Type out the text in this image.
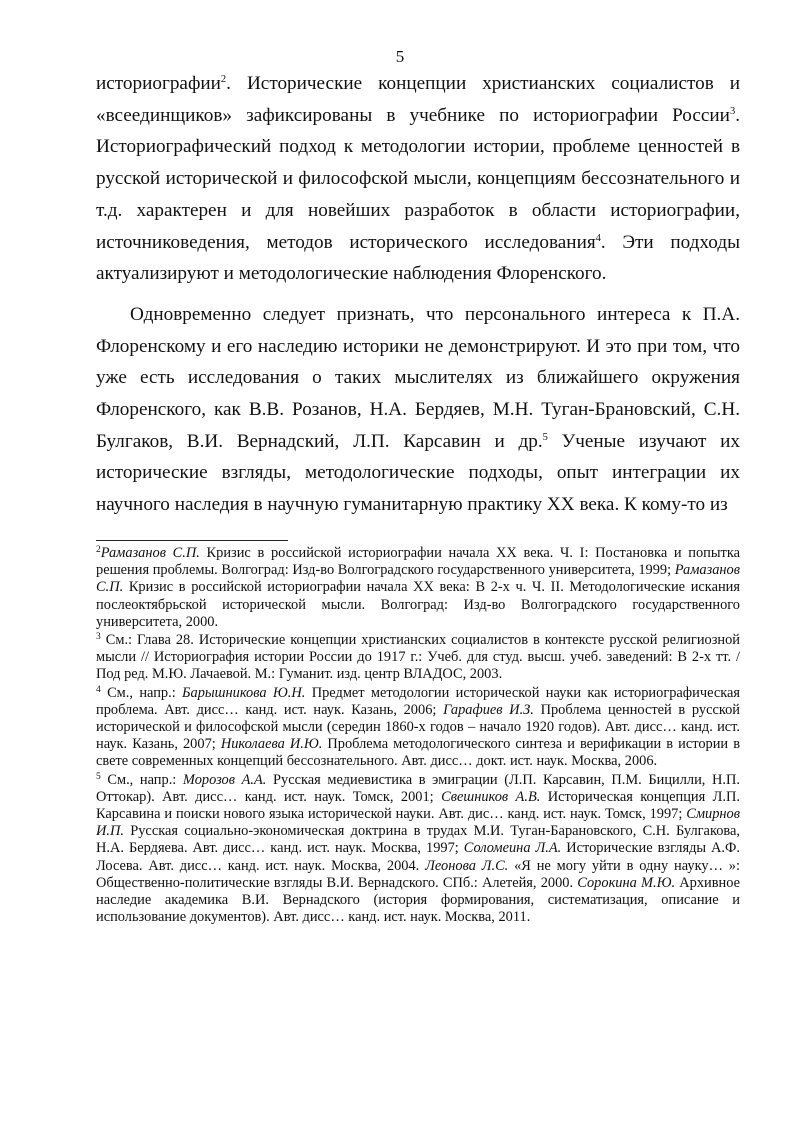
5

историографии$^2$. Исторические концепции христианских социалистов и «всеединщиков» зафиксированы в учебнике по историографии России$^3$. Историографический подход к методологии истории, проблеме ценностей в русской исторической и философской мысли, концепциям бессознательного и т.д. характерен и для новейших разработок в области историографии, источниковедения, методов исторического исследования$^4$. Эти подходы актуализируют и методологические наблюдения Флоренского.

Одновременно следует признать, что персонального интереса к П.А. Флоренскому и его наследию историки не демонстрируют. И это при том, что уже есть исследования о таких мыслителях из ближайшего окружения Флоренского, как В.В. Розанов, Н.А. Бердяев, М.Н. Туган-Брановский, С.Н. Булгаков, В.И. Вернадский, Л.П. Карсавин и др.$^5$ Ученые изучают их исторические взгляды, методологические подходы, опыт интеграции их научного наследия в научную гуманитарную практику XX века. К кому-то из

$^2$Рамазанов С.П. Кризис в российской историографии начала XX века. Ч. I: Постановка и попытка решения проблемы. Волгоград: Изд-во Волгоградского государственного университета, 1999; Рамазанов С.П. Кризис в российской историографии начала XX века: В 2-х ч. Ч. II. Методологические искания послеоктябрьской исторической мысли. Волгоград: Изд-во Волгоградского государственного университета, 2000.

$^3$ См.: Глава 28. Исторические концепции христианских социалистов в контексте русской религиозной мысли // Историография истории России до 1917 г.: Учеб. для студ. высш. учеб. заведений: В 2-х тт. / Под ред. М.Ю. Лачаевой. М.: Гуманит. изд. центр ВЛАДОС, 2003.

$^4$ См., напр.: Барышникова Ю.Н. Предмет методологии исторической науки как историографическая проблема. Авт. дисс… канд. ист. наук. Казань, 2006; Гарафиев И.З. Проблема ценностей в русской исторической и философской мысли (середин 1860-х годов – начало 1920 годов). Авт. дисс… канд. ист. наук. Казань, 2007; Николаева И.Ю. Проблема методологического синтеза и верификации в истории в свете современных концепций бессознательного. Авт. дисс… докт. ист. наук. Москва, 2006.

$^5$ См., напр.: Морозов А.А. Русская медиевистика в эмиграции (Л.П. Карсавин, П.М. Бицилли, Н.П. Оттокар). Авт. дисс… канд. ист. наук. Томск, 2001; Свешников А.В. Историческая концепция Л.П. Карсавина и поиски нового языка исторической науки. Авт. дис… канд. ист. наук. Томск, 1997; Смирнов И.П. Русская социально-экономическая доктрина в трудах М.И. Туган-Барановского, С.Н. Булгакова, Н.А. Бердяева. Авт. дисс… канд. ист. наук. Москва, 1997; Соломеина Л.А. Исторические взгляды А.Ф. Лосева. Авт. дисс… канд. ист. наук. Москва, 2004. Леонова Л.С. «Я не могу уйти в одну науку… »: Общественно-политические взгляды В.И. Вернадского. СПб.: Алетейя, 2000. Сорокина М.Ю. Архивное наследие академика В.И. Вернадского (история формирования, систематизация, описание и использование документов). Авт. дисс… канд. ист. наук. Москва, 2011.
